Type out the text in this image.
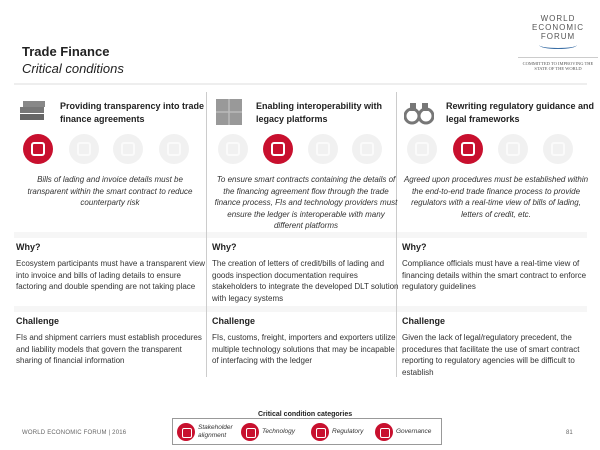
Trade Finance
Critical conditions
WORLD
ECONOMIC
FORUM
COMMITTED TO IMPROVING THE STATE OF THE WORLD
Providing transparency into trade finance agreements
Bills of lading and invoice details must be transparent within the smart contract to reduce counterparty risk
Why?
Ecosystem participants must have a transparent view into invoice and bills of lading details to ensure factoring and double spending are not taking place
Challenge
FIs and shipment carriers must establish procedures and liability models that govern the transparent sharing of financial information
Enabling interoperability with legacy platforms
To ensure smart contracts containing the details of the financing agreement flow through the trade finance process, FIs and technology providers must ensure the ledger is interoperable with many different platforms
Why?
The creation of letters of credit/bills of lading and goods inspection documentation requires stakeholders to integrate the developed DLT solution with legacy systems
Challenge
FIs, customs, freight, importers and exporters utilize multiple technology solutions that may be incapable of interfacing with the ledger
Rewriting regulatory guidance and legal frameworks
Agreed upon procedures must be established within the end-to-end trade finance process to provide regulators with a real-time view of bills of lading, letters of credit, etc.
Why?
Compliance officials must have a real-time view of financing details within the smart contract to enforce regulatory guidelines
Challenge
Given the lack of legal/regulatory precedent, the procedures that facilitate the use of smart contract reporting to regulatory agencies will be difficult to establish
Stakeholder alignment
Technology	Regulatory	Governance
Critical condition categories
WORLD ECONOMIC FORUM | 2016	81
